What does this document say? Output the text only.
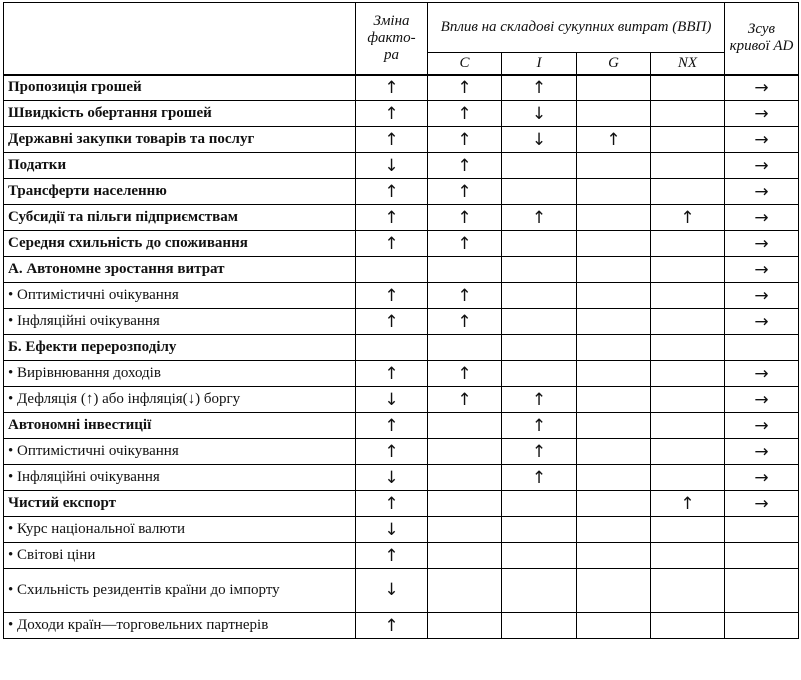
	Зміна факто-ра	Вплив на складові сукупних витрат (ВВП)				Зсув кривої AD
		C	I	G	NX	
Пропозиція грошей	↑	↑	↑			→
Швидкість обертання грошей	↑	↑	↓			→
Державні закупки товарів та послуг	↑	↑	↓	↑		→
Податки	↓	↑				→
Трансферти населенню	↑	↑				→
Субсидії та пільги підприємствам	↑	↑	↑		↑	→
Середня схильність до споживання	↑	↑				→
А. Автономне зростання витрат						→
• Оптимістичні очікування	↑	↑				→
• Інфляційні очікування	↑	↑				→
Б. Ефекти перерозподілу						
• Вирівнювання доходів	↑	↑				→
• Дефляція (↑) або інфляція(↓) боргу	↓	↑	↑			→
Автономні інвестиції	↑		↑			→
• Оптимістичні очікування	↑		↑			→
• Інфляційні очікування	↓		↑			→
Чистий експорт	↑				↑	→
• Курс національної валюти	↓					
• Світові ціни	↑					
• Схильність резидентів країни до імпорту	↓					
• Доходи країн—торговельних партнерів	↑					
